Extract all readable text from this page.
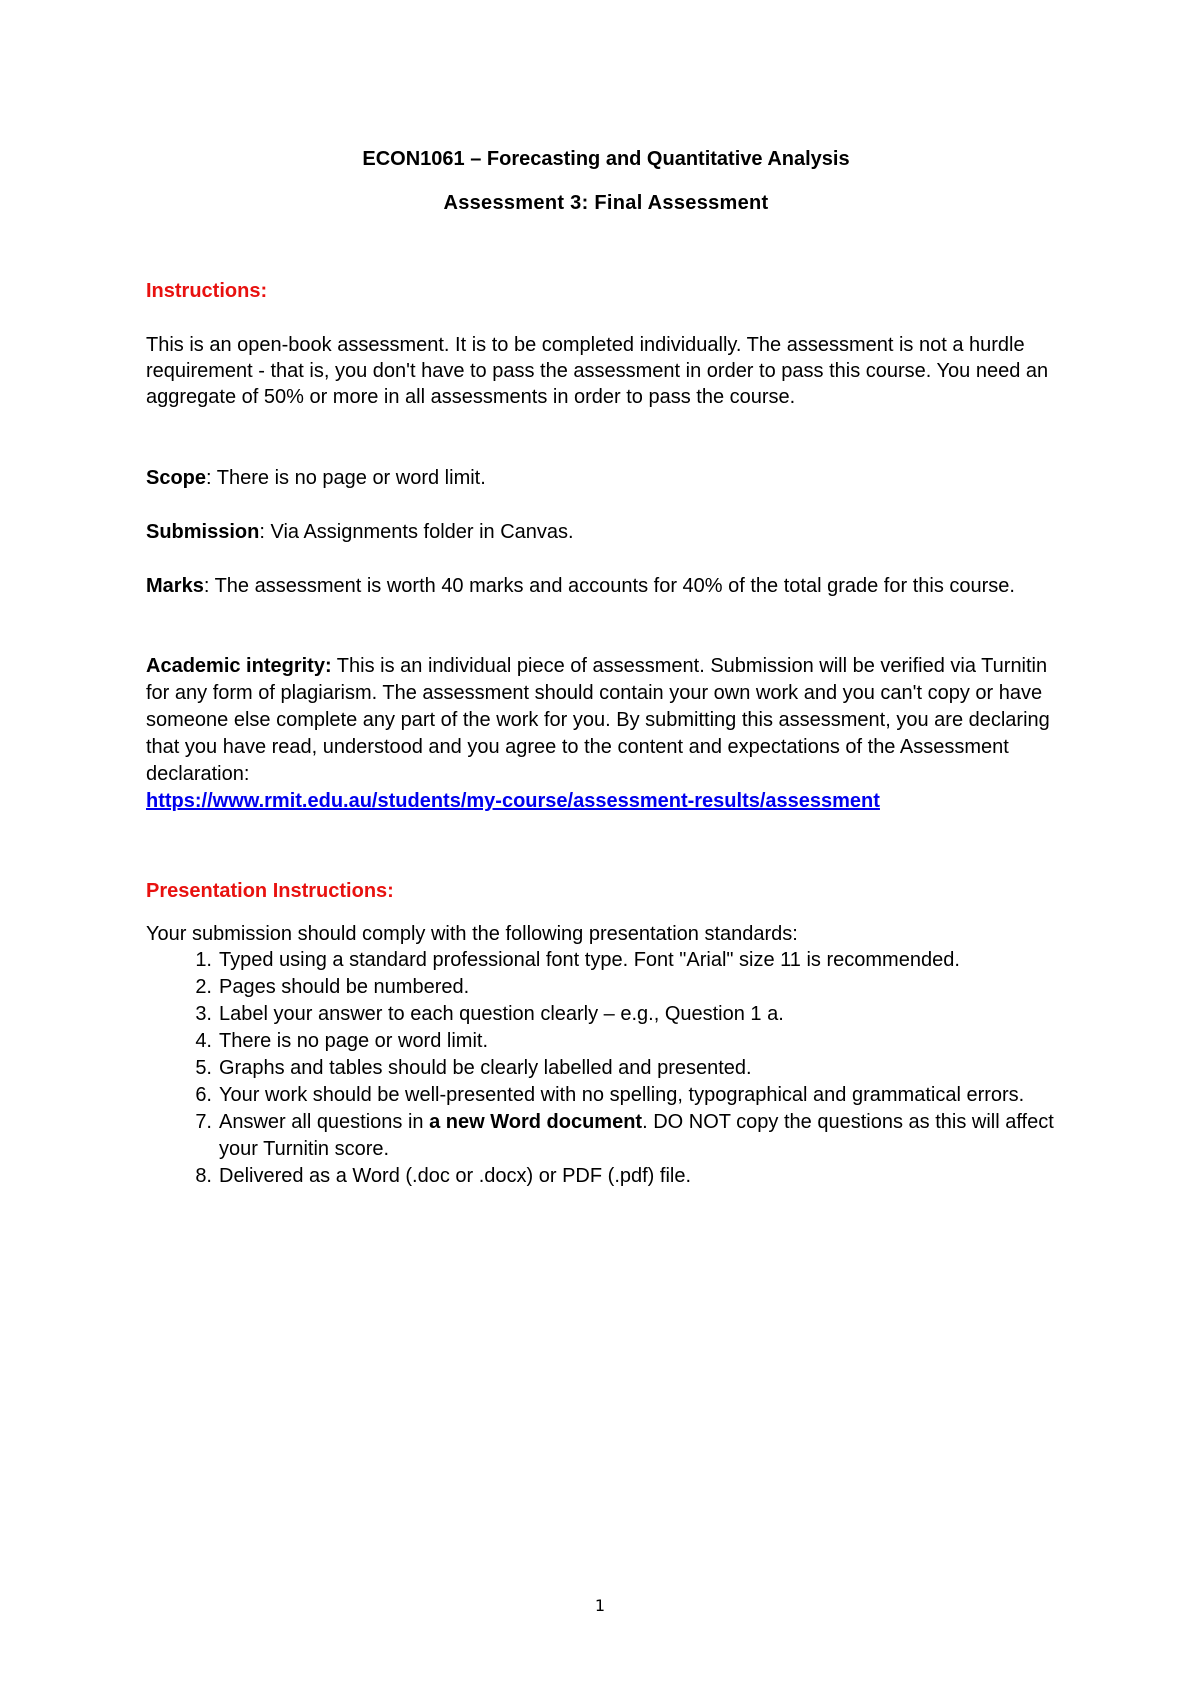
ECON1061 – Forecasting and Quantitative Analysis
Assessment 3: Final Assessment
Instructions:
This is an open-book assessment. It is to be completed individually. The assessment is not a hurdle requirement - that is, you don't have to pass the assessment in order to pass this course. You need an aggregate of 50% or more in all assessments in order to pass the course.
Scope: There is no page or word limit.
Submission: Via Assignments folder in Canvas.
Marks: The assessment is worth 40 marks and accounts for 40% of the total grade for this course.
Academic integrity: This is an individual piece of assessment. Submission will be verified via Turnitin for any form of plagiarism. The assessment should contain your own work and you can't copy or have someone else complete any part of the work for you. By submitting this assessment, you are declaring that you have read, understood and you agree to the content and expectations of the Assessment declaration:
https://www.rmit.edu.au/students/my-course/assessment-results/assessment
Presentation Instructions:
Your submission should comply with the following presentation standards:
1. Typed using a standard professional font type. Font "Arial" size 11 is recommended.
2. Pages should be numbered.
3. Label your answer to each question clearly – e.g., Question 1 a.
4. There is no page or word limit.
5. Graphs and tables should be clearly labelled and presented.
6. Your work should be well-presented with no spelling, typographical and grammatical errors.
7. Answer all questions in a new Word document. DO NOT copy the questions as this will affect your Turnitin score.
8. Delivered as a Word (.doc or .docx) or PDF (.pdf) file.
1
